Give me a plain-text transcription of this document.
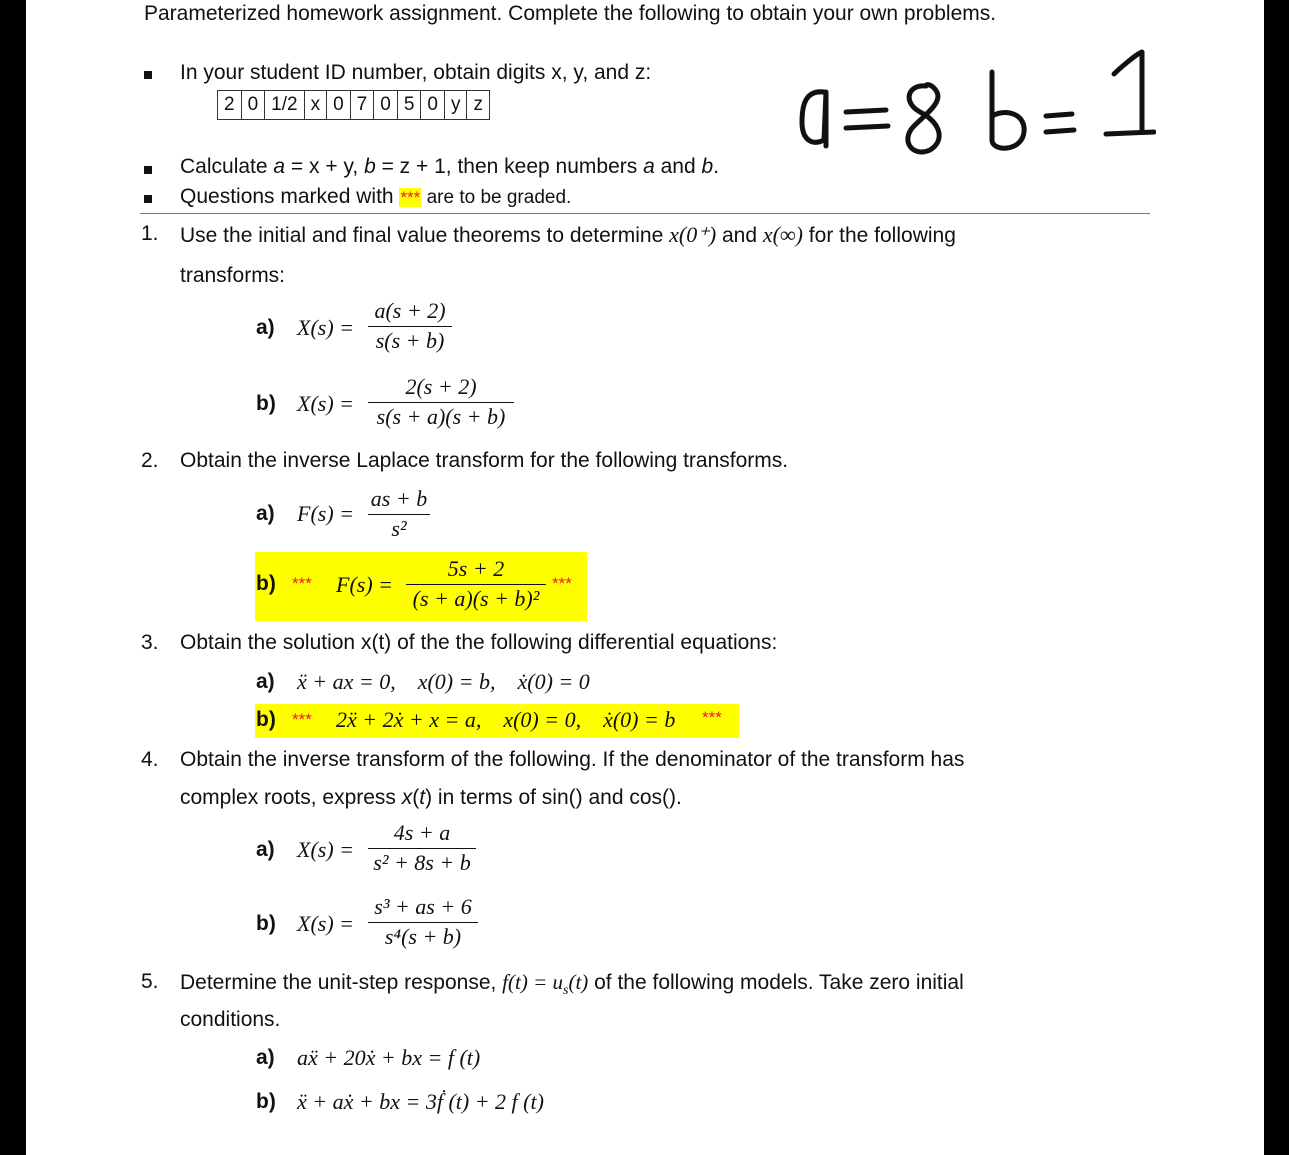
Parameterized homework assignment. Complete the following to obtain your own problems.
In your student ID number, obtain digits x, y, and z:
2	0	1/2	x	0	7	0	5	0	y	z
Calculate a = x + y, b = z + 1, then keep numbers a and b.
Questions marked with *** are to be graded.
1. Use the initial and final value theorems to determine x(0⁺) and x(∞) for the following
transforms:
a) X(s) =
a(s + 2)
s(s + b)
b) X(s) =
2(s + 2)
s(s + a)(s + b)
2. Obtain the inverse Laplace transform for the following transforms.
a) F(s) =
as + b
s²
b) *** F(s) =
5s + 2
(s + a)(s + b)²
***
3. Obtain the solution x(t) of the the following differential equations:
a) ẍ + ax = 0,    x(0) = b,    ẋ(0) = 0
b) *** 2ẍ + 2ẋ + x = a,    x(0) = 0,    ẋ(0) = b ***
4. Obtain the inverse transform of the following. If the denominator of the transform has
complex roots, express x(t) in terms of sin() and cos().
a) X(s) =
4s + a
s² + 8s + b
b) X(s) =
s³ + as + 6
s⁴(s + b)
5. Determine the unit-step response, $f(t) = u_s(t)$ of the following models. Take zero initial
conditions.
a) aẍ + 20ẋ + bx = f (t)
b) ẍ + aẋ + bx = 3ḟ (t) + 2 f (t)
